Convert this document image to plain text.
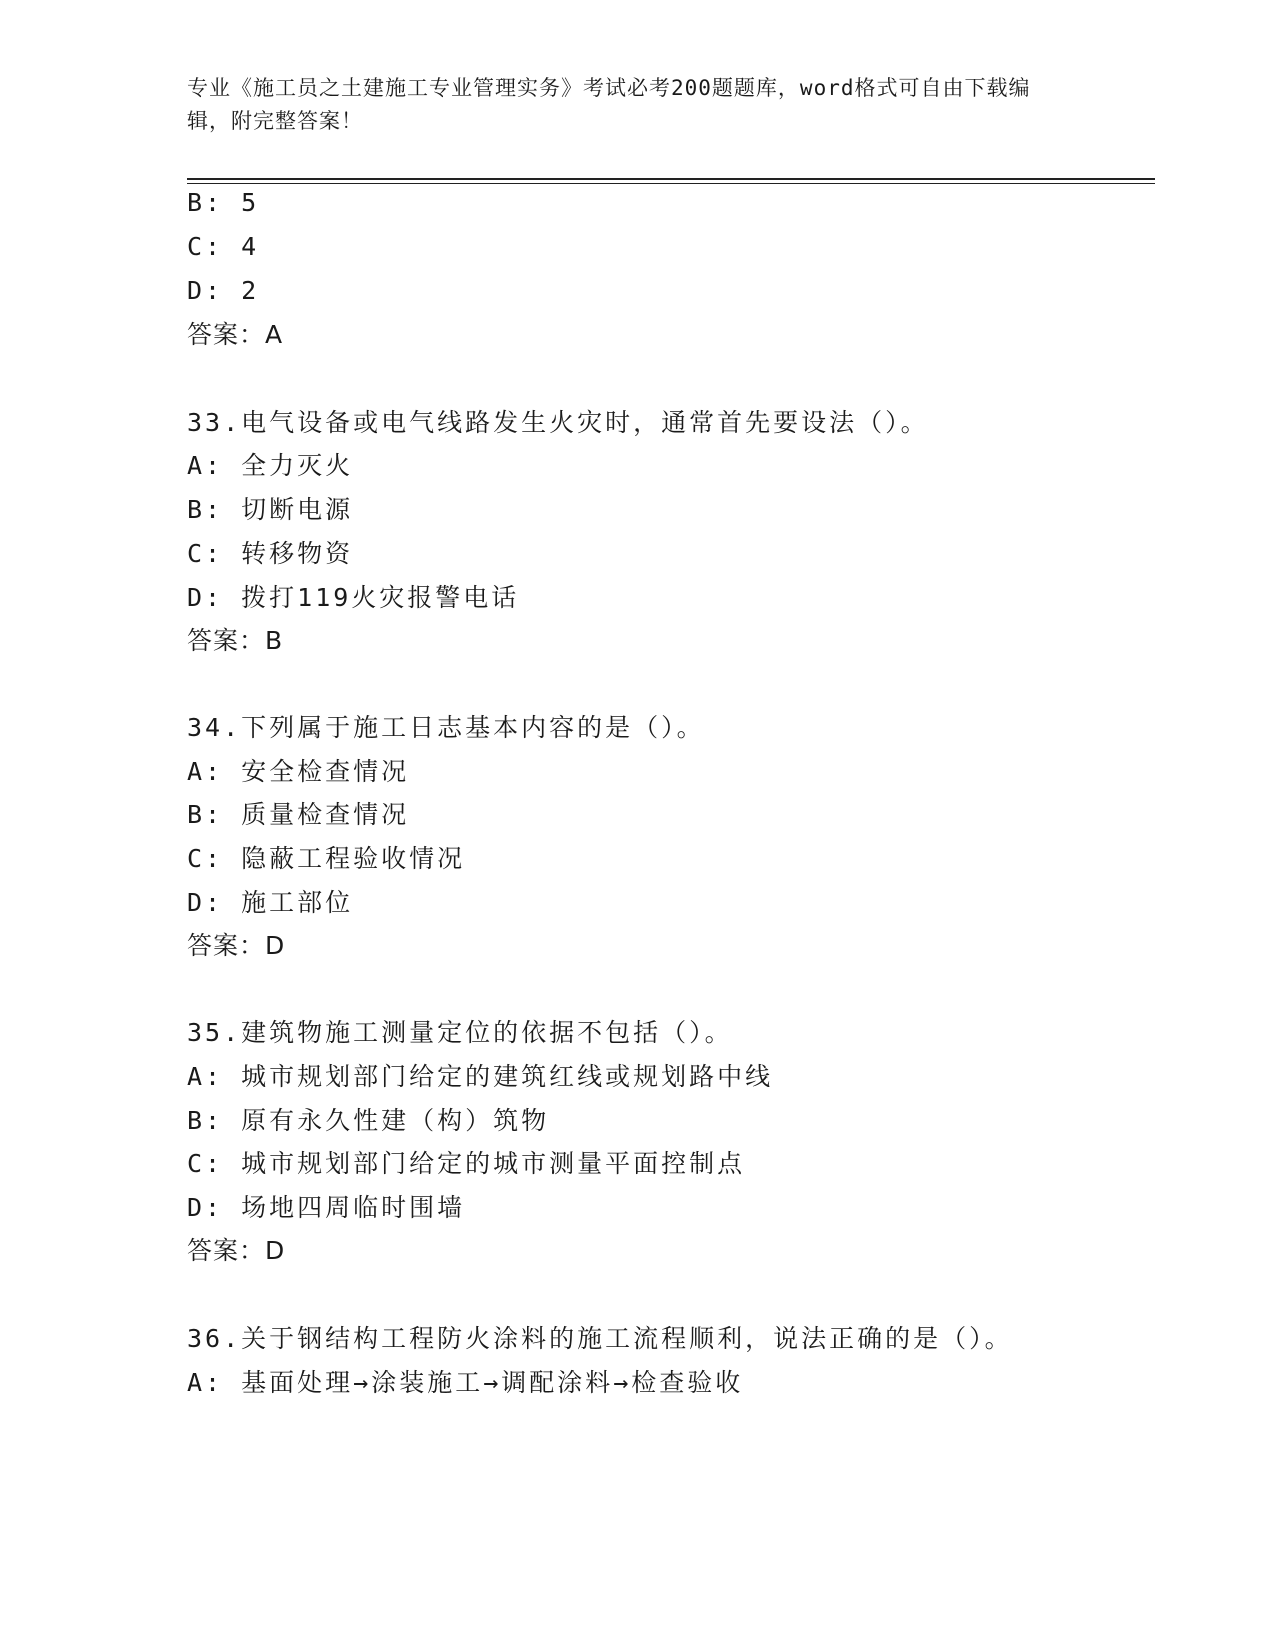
专业《施工员之土建施工专业管理实务》考试必考200题题库，word格式可自由下载编辑，附完整答案！
B: 5
C: 4
D: 2
答案：A
33.电气设备或电气线路发生火灾时，通常首先要设法（）。
A: 全力灭火
B: 切断电源
C: 转移物资
D: 拨打119火灾报警电话
答案：B
34.下列属于施工日志基本内容的是（）。
A: 安全检查情况
B: 质量检查情况
C: 隐蔽工程验收情况
D: 施工部位
答案：D
35.建筑物施工测量定位的依据不包括（）。
A: 城市规划部门给定的建筑红线或规划路中线
B: 原有永久性建（构）筑物
C: 城市规划部门给定的城市测量平面控制点
D: 场地四周临时围墙
答案：D
36.关于钢结构工程防火涂料的施工流程顺利，说法正确的是（）。
A: 基面处理→涂装施工→调配涂料→检查验收
